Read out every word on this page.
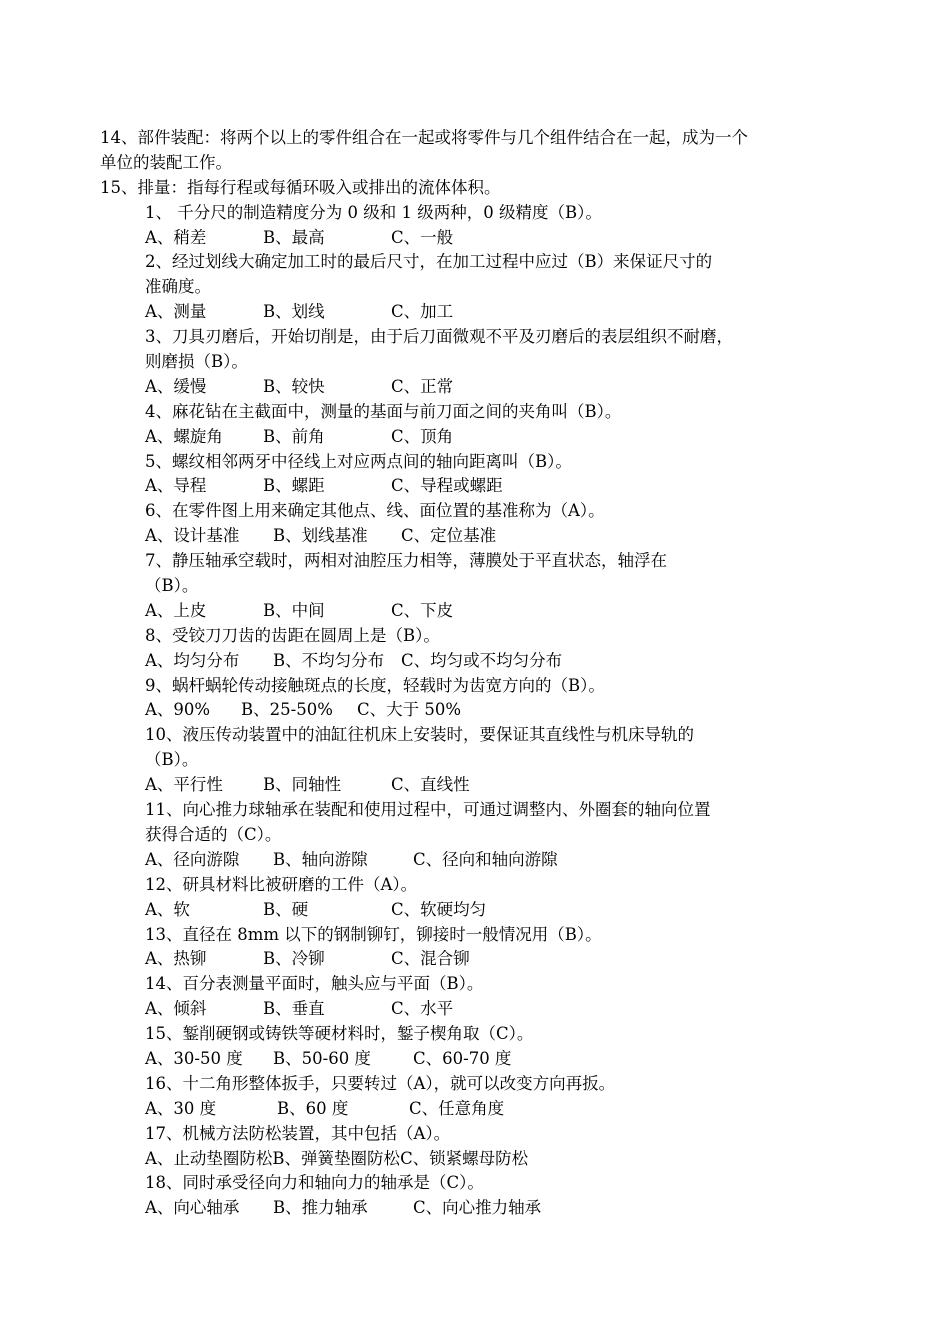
14、部件装配：将两个以上的零件组合在一起或将零件与几个组件结合在一起，成为一个
单位的装配工作。
15、排量：指每行程或每循环吸入或排出的流体体积。
1、 千分尺的制造精度分为 0 级和 1 级两种，0 级精度（B）。
A、稍差	B、最高	C、一般
2、经过划线大确定加工时的最后尺寸，在加工过程中应过（B）来保证尺寸的
准确度。
A、测量	B、划线	C、加工
3、刀具刃磨后，开始切削是，由于后刀面微观不平及刃磨后的表层组织不耐磨，
则磨损（B）。
A、缓慢	B、较快	C、正常
4、麻花钻在主截面中，测量的基面与前刀面之间的夹角叫（B）。
A、螺旋角 B、前角	C、顶角
5、螺纹相邻两牙中径线上对应两点间的轴向距离叫（B）。
A、导程	B、螺距	C、导程或螺距
6、在零件图上用来确定其他点、线、面位置的基准称为（A）。
A、设计基准 B、划线基准 C、定位基准
7、静压轴承空载时，两相对油腔压力相等，薄膜处于平直状态，轴浮在
（B）。
A、上皮	B、中间	C、下皮
8、受铰刀刀齿的齿距在圆周上是（B）。
A、均匀分布 B、不均匀分布 C、均匀或不均匀分布
9、蜗杆蜗轮传动接触斑点的长度，轻载时为齿宽方向的（B）。
A、90% B、25-50% C、大于 50%
10、液压传动装置中的油缸往机床上安装时，要保证其直线性与机床导轨的
（B）。
A、平行性 B、同轴性	C、直线性
11、向心推力球轴承在装配和使用过程中，可通过调整内、外圈套的轴向位置
获得合适的（C）。
A、径向游隙 B、轴向游隙	C、径向和轴向游隙
12、研具材料比被研磨的工件（A）。
A、软	B、硬	C、软硬均匀
13、直径在 8mm 以下的钢制铆钉，铆接时一般情况用（B）。
A、热铆	B、冷铆	C、混合铆
14、百分表测量平面时，触头应与平面（B）。
A、倾斜	B、垂直	C、水平
15、錾削硬钢或铸铁等硬材料时，錾子楔角取（C）。
A、30-50 度 B、50-60 度	C、60-70 度
16、十二角形整体扳手，只要转过（A），就可以改变方向再扳。
A、30 度	B、60 度	C、任意角度
17、机械方法防松装置，其中包括（A）。
A、止动垫圈防松B、弹簧垫圈防松C、锁紧螺母防松
18、同时承受径向力和轴向力的轴承是（C）。
A、向心轴承 B、推力轴承	C、向心推力轴承
